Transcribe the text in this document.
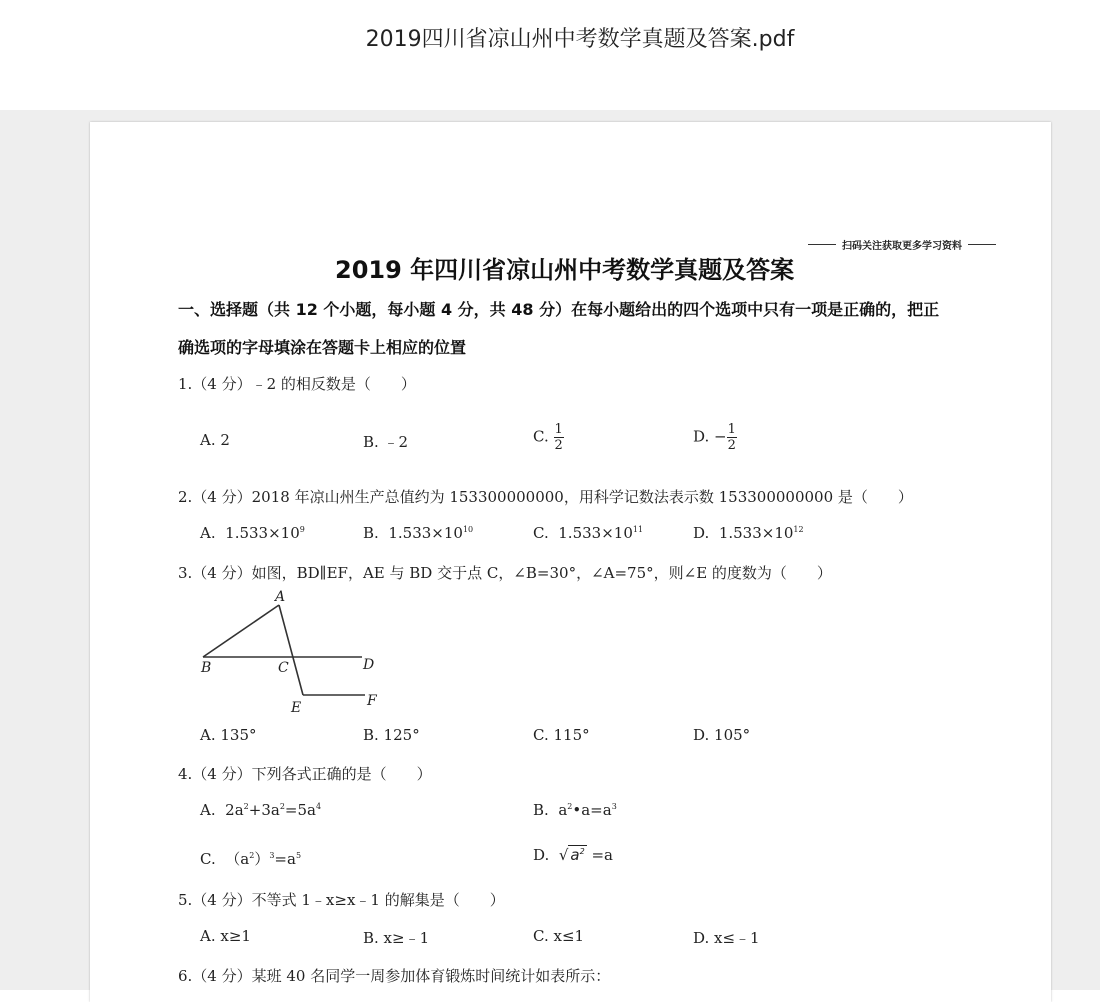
2019四川省凉山州中考数学真题及答案.pdf
扫码关注获取更多学习资料
2019 年四川省凉山州中考数学真题及答案
一、选择题（共 12 个小题，每小题 4 分，共 48 分）在每小题给出的四个选项中只有一项是正确的，把正
确选项的字母填涂在答题卡上相应的位置
1.（4 分）﹣2 的相反数是（　　）
A. 2	B. ﹣2	C. $\frac{1}{2}$	D. − $\frac{1}{2}$
2.（4 分）2018 年凉山州生产总值约为 153300000000，用科学记数法表示数 153300000000 是（　　）
A. $1.533\times 10^9$	B. $1.533\times 10^{10}$	C. $1.533\times 10^{11}$	D. $1.533\times 10^{12}$
3.（4 分）如图，BD∥EF，AE 与 BD 交于点 C，∠B=30°，∠A=75°，则∠E 的度数为（　　）
A
B	C	D
E	F
A. 135°	B. 125°	C. 115°	D. 105°
4.（4 分）下列各式正确的是（　　）
A. $2a^2+3a^2=5a^4$	B. $a^2•a=a^3$
C. $(a^2)^3=a^5$	D. √ $a^2 =a$
5.（4 分）不等式 1﹣x≥x﹣1 的解集是（　　）
A. x≥1	B. x≥﹣1	C. x≤1	D. x≤﹣1
6.（4 分）某班 40 名同学一周参加体育锻炼时间统计如表所示：
